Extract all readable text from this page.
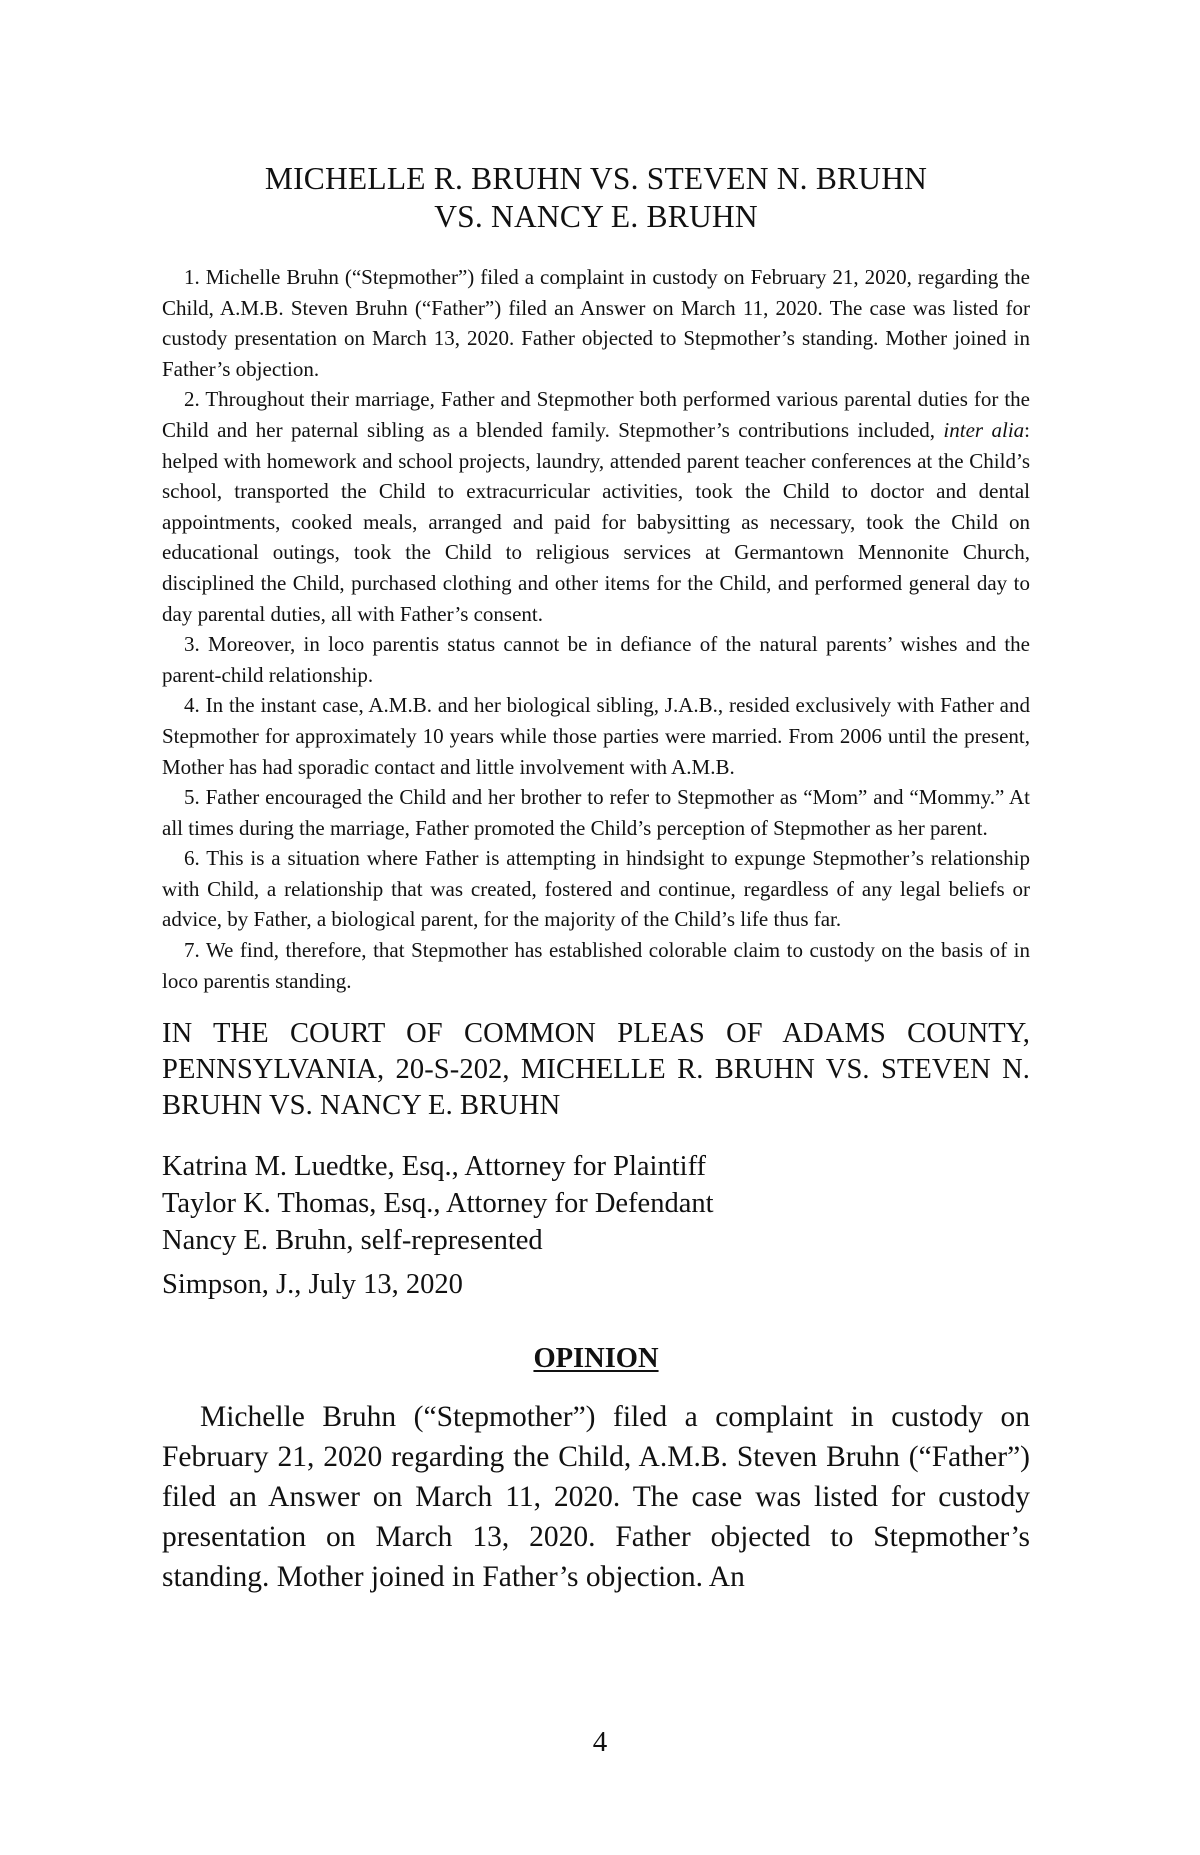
MICHELLE R. BRUHN VS. STEVEN N. BRUHN
VS. NANCY E. BRUHN

1. Michelle Bruhn (“Stepmother”) filed a complaint in custody on February 21, 2020, regarding the Child, A.M.B. Steven Bruhn (“Father”) filed an Answer on March 11, 2020. The case was listed for custody presentation on March 13, 2020. Father objected to Stepmother’s standing. Mother joined in Father’s objection.

2. Throughout their marriage, Father and Stepmother both performed various parental duties for the Child and her paternal sibling as a blended family. Stepmother’s contributions included, inter alia: helped with homework and school projects, laundry, attended parent teacher conferences at the Child’s school, transported the Child to extracurricular activities, took the Child to doctor and dental appointments, cooked meals, arranged and paid for babysitting as necessary, took the Child on educational outings, took the Child to religious services at Germantown Mennonite Church, disciplined the Child, purchased clothing and other items for the Child, and performed general day to day parental duties, all with Father’s consent.

3. Moreover, in loco parentis status cannot be in defiance of the natural parents’ wishes and the parent-child relationship.

4. In the instant case, A.M.B. and her biological sibling, J.A.B., resided exclusively with Father and Stepmother for approximately 10 years while those parties were married. From 2006 until the present, Mother has had sporadic contact and little involvement with A.M.B.

5. Father encouraged the Child and her brother to refer to Stepmother as “Mom” and “Mommy.” At all times during the marriage, Father promoted the Child’s perception of Stepmother as her parent.

6. This is a situation where Father is attempting in hindsight to expunge Stepmother’s relationship with Child, a relationship that was created, fostered and continue, regardless of any legal beliefs or advice, by Father, a biological parent, for the majority of the Child’s life thus far.

7. We find, therefore, that Stepmother has established colorable claim to custody on the basis of in loco parentis standing.

IN THE COURT OF COMMON PLEAS OF ADAMS COUNTY, PENNSYLVANIA, 20-S-202, MICHELLE R. BRUHN VS. STEVEN N. BRUHN VS. NANCY E. BRUHN

Katrina M. Luedtke, Esq., Attorney for Plaintiff
Taylor K. Thomas, Esq., Attorney for Defendant
Nancy E. Bruhn, self-represented
Simpson, J., July 13, 2020
OPINION

Michelle Bruhn (“Stepmother”) filed a complaint in custody on February 21, 2020 regarding the Child, A.M.B. Steven Bruhn (“Father”) filed an Answer on March 11, 2020. The case was listed for custody presentation on March 13, 2020. Father objected to Stepmother’s standing. Mother joined in Father’s objection. An

4
